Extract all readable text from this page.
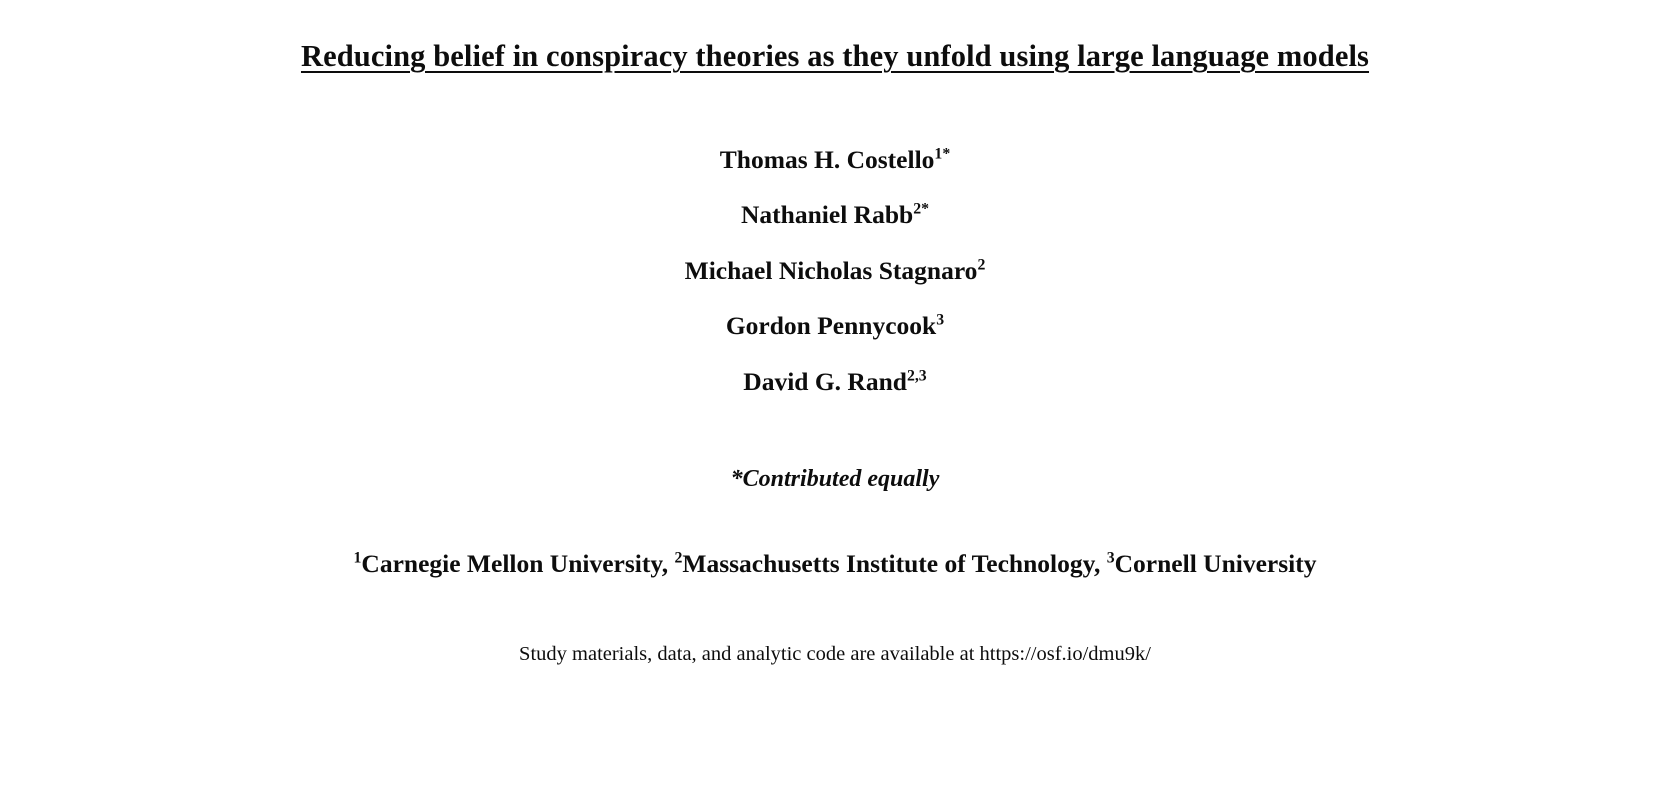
Reducing belief in conspiracy theories as they unfold using large language models

Thomas H. Costello$^{1*}$

Nathaniel Rabb$^{2*}$

Michael Nicholas Stagnaro$^2$

Gordon Pennycook$^3$

David G. Rand$^{2,3}$

*Contributed equally

$^1$Carnegie Mellon University, $^2$Massachusetts Institute of Technology, $^3$Cornell University

Study materials, data, and analytic code are available at https://osf.io/dmu9k/
